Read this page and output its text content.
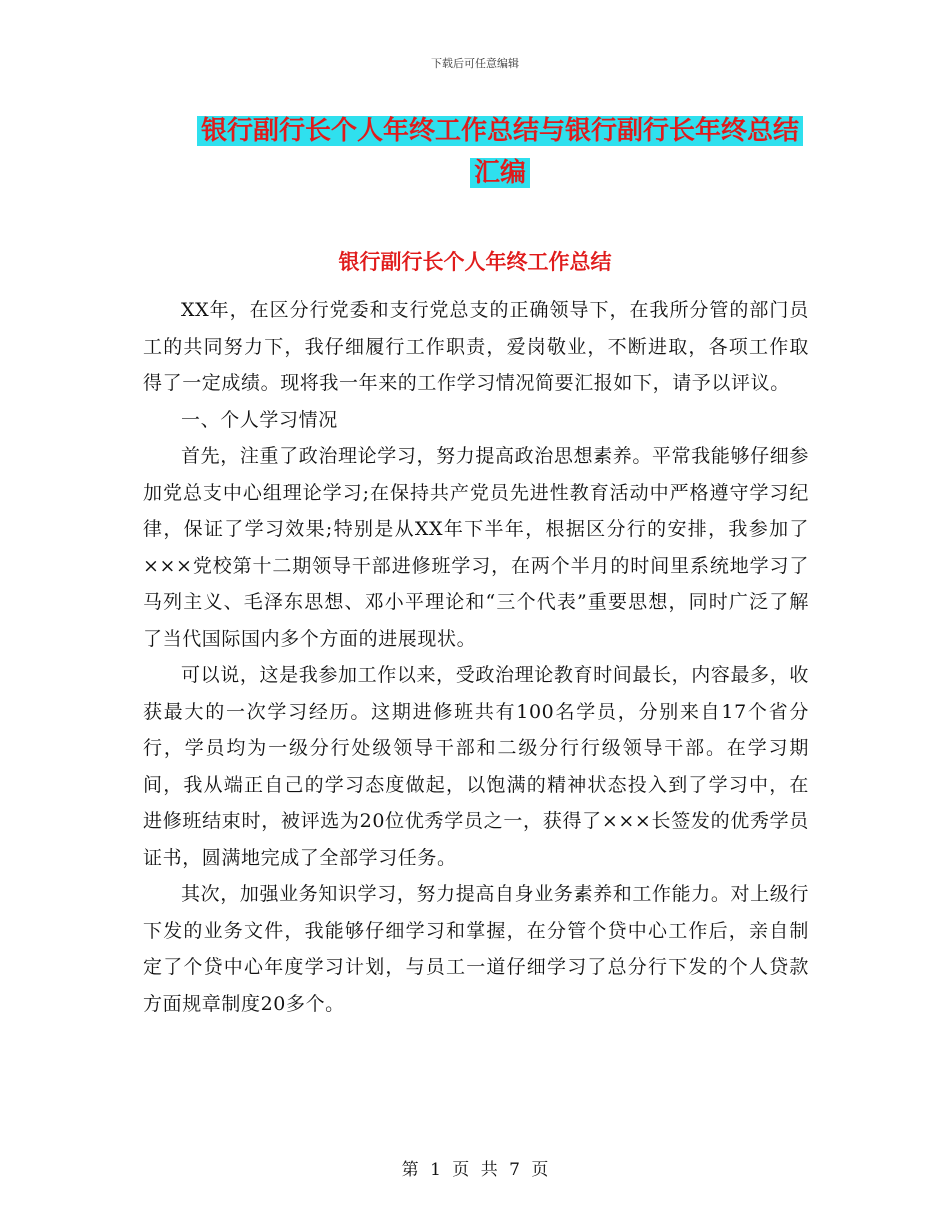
下载后可任意编辑
银行副行长个人年终工作总结与银行副行长年终总结
汇编
银行副行长个人年终工作总结

XX年，在区分行党委和支行党总支的正确领导下，在我所分管的部门员工的共同努力下，我仔细履行工作职责，爱岗敬业，不断进取，各项工作取得了一定成绩。现将我一年来的工作学习情况简要汇报如下，请予以评议。

一、个人学习情况

首先，注重了政治理论学习，努力提高政治思想素养。平常我能够仔细参加党总支中心组理论学习;在保持共产党员先进性教育活动中严格遵守学习纪律，保证了学习效果;特别是从XX年下半年，根据区分行的安排，我参加了×××党校第十二期领导干部进修班学习，在两个半月的时间里系统地学习了马列主义、毛泽东思想、邓小平理论和“三个代表”重要思想，同时广泛了解了当代国际国内多个方面的进展现状。

可以说，这是我参加工作以来，受政治理论教育时间最长，内容最多，收获最大的一次学习经历。这期进修班共有100名学员，分别来自17个省分行，学员均为一级分行处级领导干部和二级分行行级领导干部。在学习期间，我从端正自己的学习态度做起，以饱满的精神状态投入到了学习中，在进修班结束时，被评选为20位优秀学员之一，获得了×××长签发的优秀学员证书，圆满地完成了全部学习任务。

其次，加强业务知识学习，努力提高自身业务素养和工作能力。对上级行下发的业务文件，我能够仔细学习和掌握，在分管个贷中心工作后，亲自制定了个贷中心年度学习计划，与员工一道仔细学习了总分行下发的个人贷款方面规章制度20多个。

第 1 页 共 7 页
